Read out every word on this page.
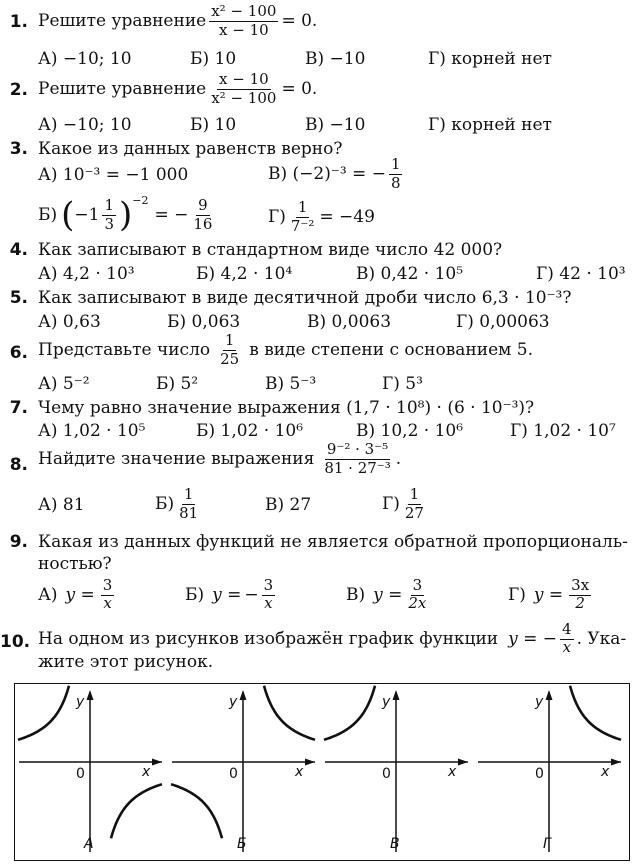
1. Решите уравнение $\frac{\text{x² − 100}}{x - 10} = 0$.
А) −10; 10	Б) 10	В) −10	Г) корней нет
2. Решите уравнение $\frac{x - 10}{\text{x² − 100}} = 0$.
А) −10; 10	Б) 10	В) −10	Г) корней нет
3. Какое из данных равенств верно?
А) 10⁻³ = −1 000	В) (−2)⁻³ = − $\frac{1}{8}$
Б) ( −1
1
3 )$^{-2}$
= − $\frac{9}{16}$	$Г) \frac{1}{\text{7⁻²}} = -49$
4. Как записывают в стандартном виде число 42 000?
А) 4,2 · 10³	Б) 4,2 · 10⁴	В) 0,42 · 10⁵	Г) 42 · 10³
5. Как записывают в виде десятичной дроби число 6,3 · 10⁻³?
А) 0,63	Б) 0,063	В) 0,0063	Г) 0,00063
6. Представьте число
1
25 в виде степени с основанием 5.
А) 5⁻²	Б) 5²	В) 5⁻³	Г) 5³
7. Чему равно значение выражения (1,7 · 10⁸) · (6 · 10⁻³)?
А) 1,02 · 10⁵	Б) 1,02 · 10⁶	В) 10,2 · 10⁶	Г) 1,02 · 10⁷
8. Найдите значение выражения
9⁻² · 3⁻⁵
81 · 27⁻³ .
А) 81	Б)
1
81	В) 27	Г)
1
27
9. Какая из данных функций не является обратной пропорциональ-
ностью?
А) y = 3
x	Б) y = − $\frac{3}{x}$	В) y = 3
2x	Г) y = 3x
2
10. На одном из рисунков изображён график функции y = − $\frac{4}{x}$ . Ука-
жите этот рисунок.
y
x
0
А
y
x
0
Б
y
x
0
В
y
x
0
Г
